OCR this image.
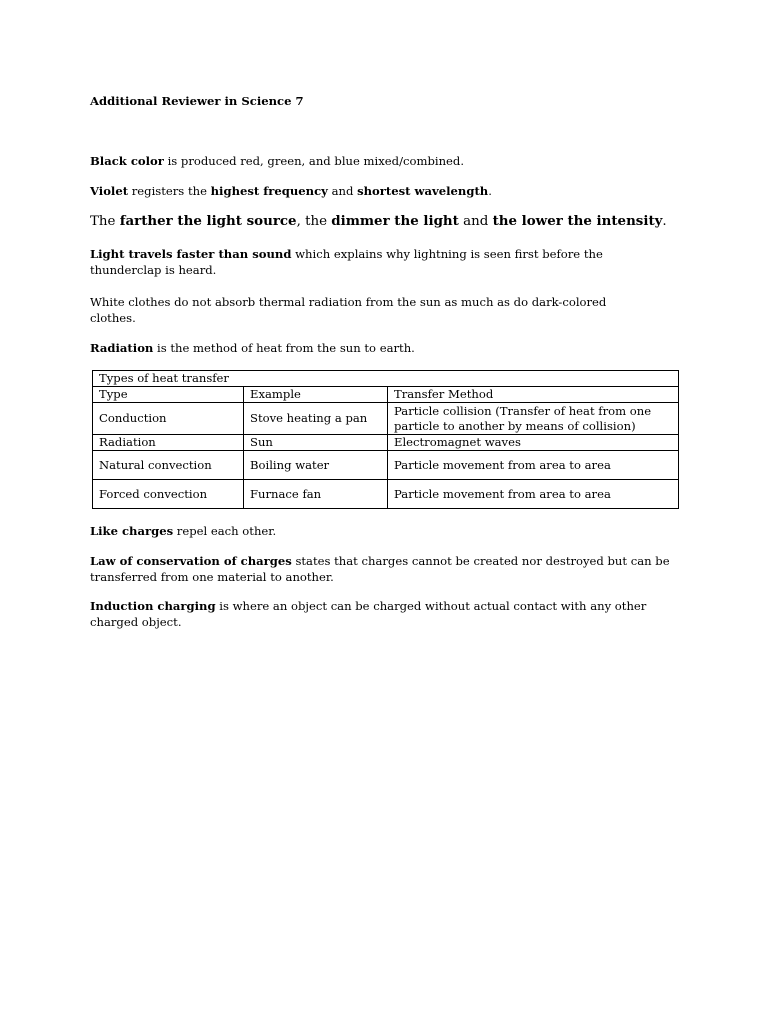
Additional Reviewer in Science 7
Black color is produced red, green, and blue mixed/combined.
Violet registers the highest frequency and shortest wavelength.
The farther the light source, the dimmer the light and the lower the intensity.
Light travels faster than sound which explains why lightning is seen first before the thunderclap is heard.
White clothes do not absorb thermal radiation from the sun as much as do dark-colored clothes.
Radiation is the method of heat from the sun to earth.
Types of heat transfer		
Type	Example	Transfer Method
Conduction	Stove heating a pan	Particle collision (Transfer of heat from one particle to another by means of collision)
Radiation	Sun	Electromagnet waves
Natural convection	Boiling water	Particle movement from area to area
Forced convection	Furnace fan	Particle movement from area to area
Like charges repel each other.
Law of conservation of charges states that charges cannot be created nor destroyed but can be transferred from one material to another.
Induction charging is where an object can be charged without actual contact with any other charged object.
